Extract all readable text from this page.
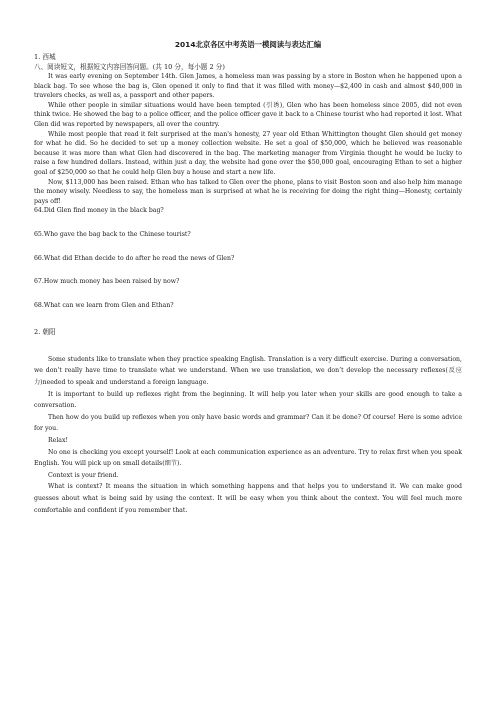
2014北京各区中考英语一模阅读与表达汇编
1. 西城
八、阅读短文，根据短文内容回答问题。(共 10 分，每小题 2 分)

It was early evening on September 14th. Glen James, a homeless man was passing by a store in Boston when he happened upon a black bag. To see whose the bag is, Glen opened it only to find that it was filled with money—$2,400 in cash and almost $40,000 in travelers checks, as well as, a passport and other papers.

While other people in similar situations would have been tempted (引诱), Glen who has been homeless since 2005, did not even think twice. He showed the bag to a police officer, and the police officer gave it back to a Chinese tourist who had reported it lost. What Glen did was reported by newspapers, all over the country.

While most people that read it felt surprised at the man's honesty, 27 year old Ethan Whittington thought Glen should get money for what he did. So he decided to set up a money collection website. He set a goal of $50,000, which he believed was reasonable because it was more than what Glen had discovered in the bag. The marketing manager from Virginia thought he would be lucky to raise a few hundred dollars. Instead, within just a day, the website had gone over the $50,000 goal, encouraging Ethan to set a higher goal of $250,000 so that he could help Glen buy a house and start a new life.

Now, $113,000 has been raised. Ethan who has talked to Glen over the phone, plans to visit Boston soon and also help him manage the money wisely. Needless to say, the homeless man is surprised at what he is receiving for doing the right thing—Honesty, certainly pays off!

64.Did Glen find money in the black bag?
65.Who gave the bag back to the Chinese tourist?
66.What did Ethan decide to do after he read the news of Glen?
67.How much money has been raised by now?
68.What can we learn from Glen and Ethan?
2. 朝阳

Some students like to translate when they practice speaking English. Translation is a very difficult exercise. During a conversation, we don’t really have time to translate what we understand. When we use translation, we don’t develop the necessary reflexes(反应力)needed to speak and understand a foreign language.

It is important to build up reflexes right from the beginning. It will help you later when your skills are good enough to take a conversation.

Then how do you build up reflexes when you only have basic words and grammar? Can it be done? Of course! Here is some advice for you.

Relax!

No one is checking you except yourself! Look at each communication experience as an adventure. Try to relax first when you speak English. You will pick up on small details(细节).

Context is your friend.

What is context? It means the situation in which something happens and that helps you to understand it. We can make good guesses about what is being said by using the context. It will be easy when you think about the context. You will feel much more comfortable and confident if you remember that.
